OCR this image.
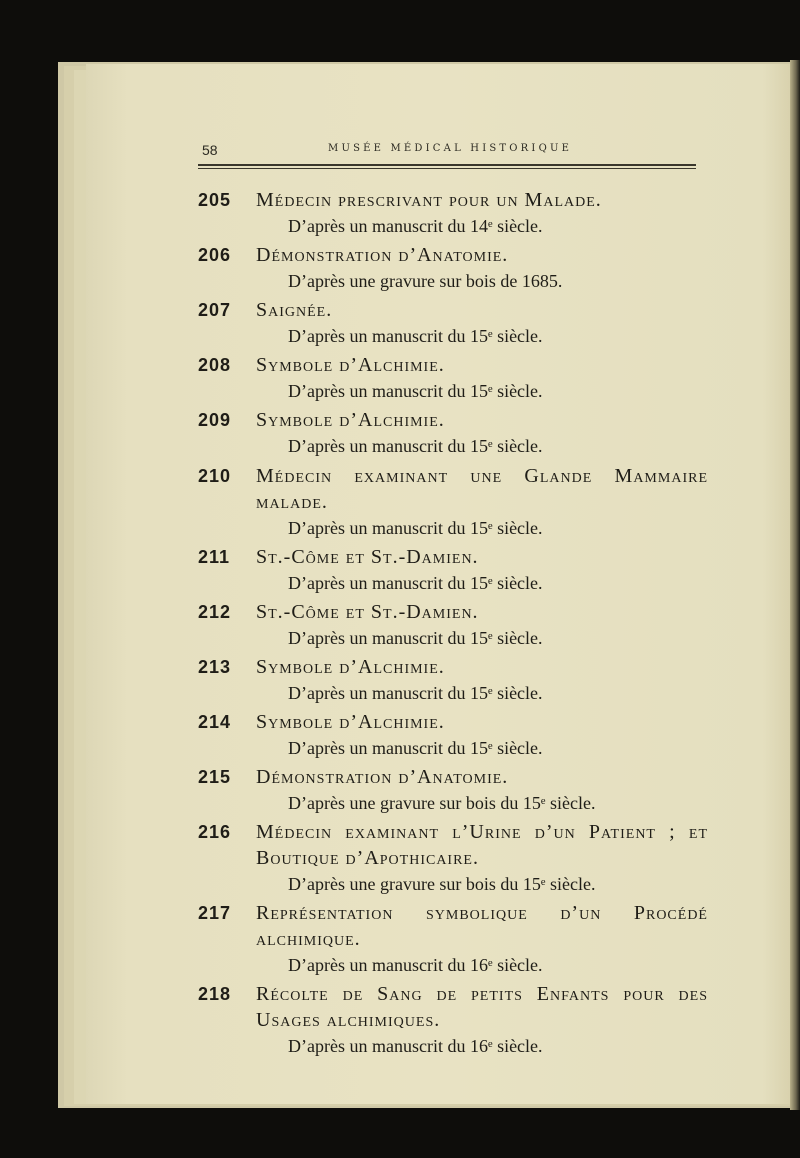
58	MUSÉE MÉDICAL HISTORIQUE
205 Médecin prescrivant pour un Malade.
D’après un manuscrit du 14ᵉ siècle.
206 Démonstration d’Anatomie.
D’après une gravure sur bois de 1685.
207 Saignée.
D’après un manuscrit du 15ᵉ siècle.
208 Symbole d’Alchimie.
D’après un manuscrit du 15ᵉ siècle.
209 Symbole d’Alchimie.
D’après un manuscrit du 15ᵉ siècle.
210 Médecin examinant une Glande Mammaire malade.
D’après un manuscrit du 15ᵉ siècle.
211 St.-Côme et St.-Damien.
D’après un manuscrit du 15ᵉ siècle.
212 St.-Côme et St.-Damien.
D’après un manuscrit du 15ᵉ siècle.
213 Symbole d’Alchimie.
D’après un manuscrit du 15ᵉ siècle.
214 Symbole d’Alchimie.
D’après un manuscrit du 15ᵉ siècle.
215 Démonstration d’Anatomie.
D’après une gravure sur bois du 15ᵉ siècle.
216 Médecin examinant l’Urine d’un Patient ; et Boutique d’Apothicaire.
D’après une gravure sur bois du 15ᵉ siècle.
217 Représentation symbolique d’un Procédé alchimique.
D’après un manuscrit du 16ᵉ siècle.
218 Récolte de Sang de petits Enfants pour des Usages alchimiques.
D’après un manuscrit du 16ᵉ siècle.
